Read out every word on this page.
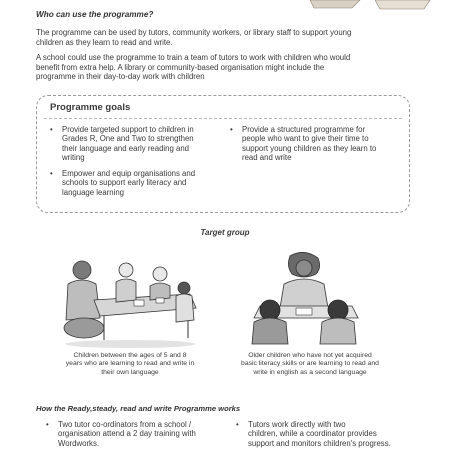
Who can use the programme?
The programme can be used by tutors, community workers, or library staff to support young
children as they learn to read and write.
A school could use the programme to train a team of tutors to work with children who would
benefit from extra help. A library or community-based organisation might include the
programme in their day-to-day work with children
Programme goals
• Provide targeted support to children in
Grades R, One and Two to strengthen
their language and early reading and
writing
• Empower and equip organisations and
schools to support early literacy and
language learning
• Provide a structured programme for
people who want to give their time to
support young children as they learn to
read and write
Target group
Children between the ages of 5 and 8
years who are learning to read and write in
their own language
Older children who have not yet acquired
basic literacy skills or are learning to read and
write in english as a second language
How the Ready,steady, read and write Programme works
• Two tutor co-ordinators from a school /
organisation attend a 2 day training with
Wordworks.
• Tutors work directly with two
children, while a coordinator provides
support and monitors children's progress.
